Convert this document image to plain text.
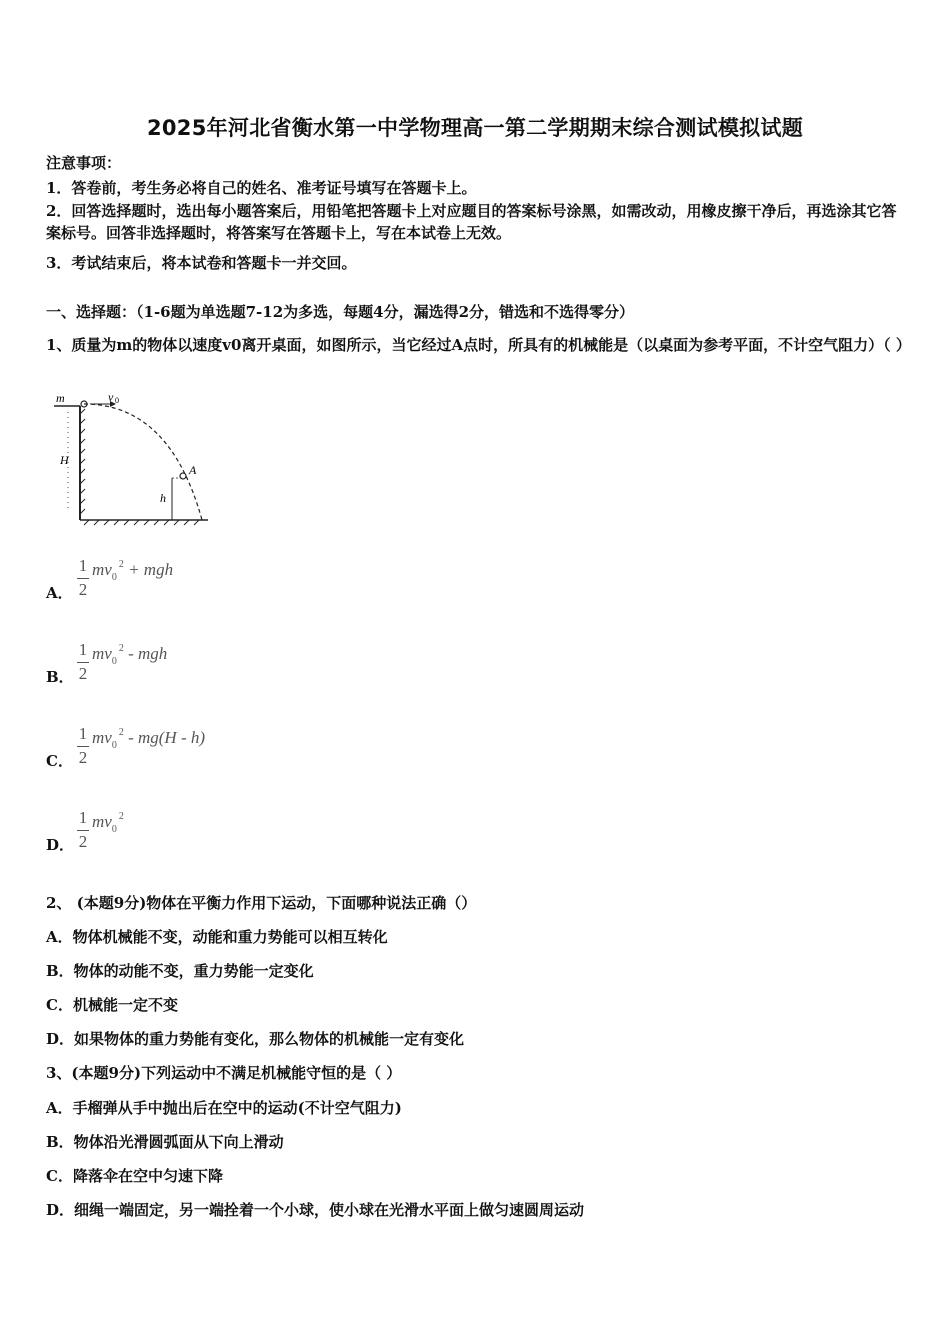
2025年河北省衡水第一中学物理高一第二学期期末综合测试模拟试题
注意事项：
1．答卷前，考生务必将自己的姓名、准考证号填写在答题卡上。
2．回答选择题时，选出每小题答案后，用铅笔把答题卡上对应题目的答案标号涂黑，如需改动，用橡皮擦干净后，再选涂其它答案标号。回答非选择题时，将答案写在答题卡上，写在本试卷上无效。
3．考试结束后，将本试卷和答题卡一并交回。
一、选择题：（1-6题为单选题7-12为多选，每题4分，漏选得2分，错选和不选得零分）
1、质量为m的物体以速度v0离开桌面，如图所示，当它经过A点时，所具有的机械能是（以桌面为参考平面，不计空气阻力）（ ）
m	v 0
H
A
h
A．
1
2
$mv_0^2$ + mgh
B．
1
2
$mv_0^2$ - mgh
C．
1
2
$mv_0^2 - mg(H - h)$
D．
1
2
$mv_0^2$
2、 (本题9分)物体在平衡力作用下运动，下面哪种说法正确（）
A．物体机械能不变，动能和重力势能可以相互转化
B．物体的动能不变，重力势能一定变化
C．机械能一定不变
D．如果物体的重力势能有变化，那么物体的机械能一定有变化
3、(本题9分)下列运动中不满足机械能守恒的是（ ）
A．手榴弹从手中抛出后在空中的运动(不计空气阻力)
B．物体沿光滑圆弧面从下向上滑动
C．降落伞在空中匀速下降
D．细绳一端固定，另一端拴着一个小球，使小球在光滑水平面上做匀速圆周运动
